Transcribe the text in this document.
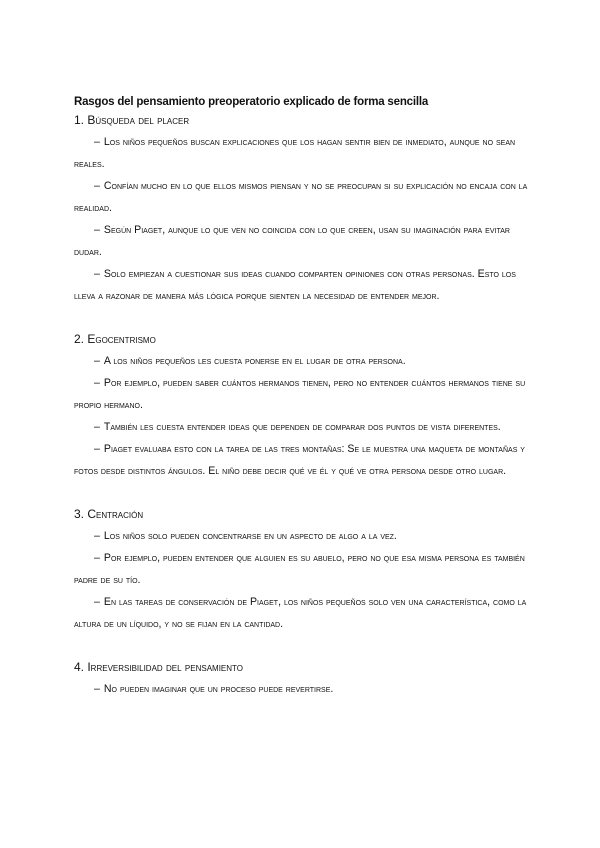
Rasgos del pensamiento preoperatorio explicado de forma sencilla
1. Búsqueda del placer
– Los niños pequeños buscan explicaciones que los hagan sentir bien de inmediato, aunque no sean reales.
– Confían mucho en lo que ellos mismos piensan y no se preocupan si su explicación no encaja con la realidad.
– Según Piaget, aunque lo que ven no coincida con lo que creen, usan su imaginación para evitar dudar.
– Solo empiezan a cuestionar sus ideas cuando comparten opiniones con otras personas. Esto los lleva a razonar de manera más lógica porque sienten la necesidad de entender mejor.
2. Egocentrismo
– A los niños pequeños les cuesta ponerse en el lugar de otra persona.
– Por ejemplo, pueden saber cuántos hermanos tienen, pero no entender cuántos hermanos tiene su propio hermano.
– También les cuesta entender ideas que dependen de comparar dos puntos de vista diferentes.
– Piaget evaluaba esto con la tarea de las tres montañas: Se le muestra una maqueta de montañas y fotos desde distintos ángulos. El niño debe decir qué ve él y qué ve otra persona desde otro lugar.
3. Centración
– Los niños solo pueden concentrarse en un aspecto de algo a la vez.
– Por ejemplo, pueden entender que alguien es su abuelo, pero no que esa misma persona es también padre de su tío.
– En las tareas de conservación de Piaget, los niños pequeños solo ven una característica, como la altura de un líquido, y no se fijan en la cantidad.
4. Irreversibilidad del pensamiento
– No pueden imaginar que un proceso puede revertirse.
